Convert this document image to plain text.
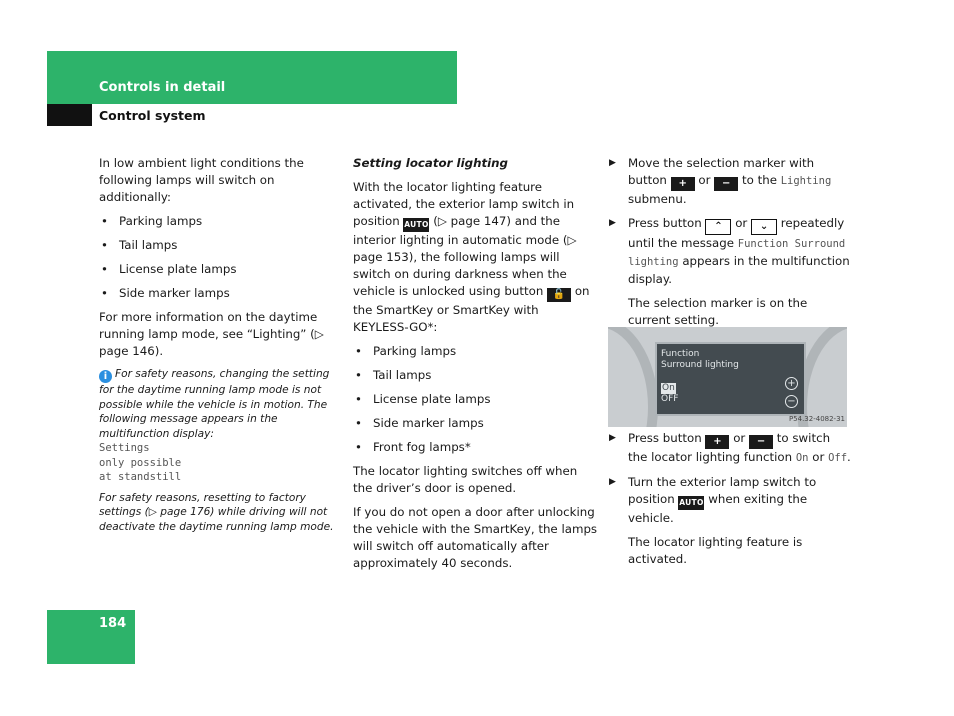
Controls in detail
Control system

In low ambient light conditions the following lamps will switch on additionally:

• Parking lamps
• Tail lamps
• License plate lamps
• Side marker lamps

For more information on the daytime running lamp mode, see “Lighting” (▷ page 146).

i For safety reasons, changing the setting for the daytime running lamp mode is not possible while the vehicle is in motion. The following message appears in the multifunction display:
Settings
only possible
at standstill

For safety reasons, resetting to factory settings (▷ page 176) while driving will not deactivate the daytime running lamp mode.

Setting locator lighting

With the locator lighting feature activated, the exterior lamp switch in position AUTO (▷ page 147) and the interior lighting in automatic mode (▷ page 153), the following lamps will switch on during darkness when the vehicle is unlocked using button 🔓 on the SmartKey or SmartKey with KEYLESS-GO*:

• Parking lamps
• Tail lamps
• License plate lamps
• Side marker lamps
• Front fog lamps*

The locator lighting switches off when the driver’s door is opened.

If you do not open a door after unlocking the vehicle with the SmartKey, the lamps will switch off automatically after approximately 40 seconds.

▶ Move the selection marker with button + or − to the Lighting submenu.
▶ Press button ⌃ or ⌄ repeatedly until the message Function Surround lighting appears in the multifunction display.
The selection marker is on the current setting.
Function
Surround lighting
On
OFF
+
−
P54.32-4082-31
▶ Press button + or − to switch the locator lighting function On or Off.
▶ Turn the exterior lamp switch to position AUTO when exiting the vehicle.
The locator lighting feature is activated.
184
